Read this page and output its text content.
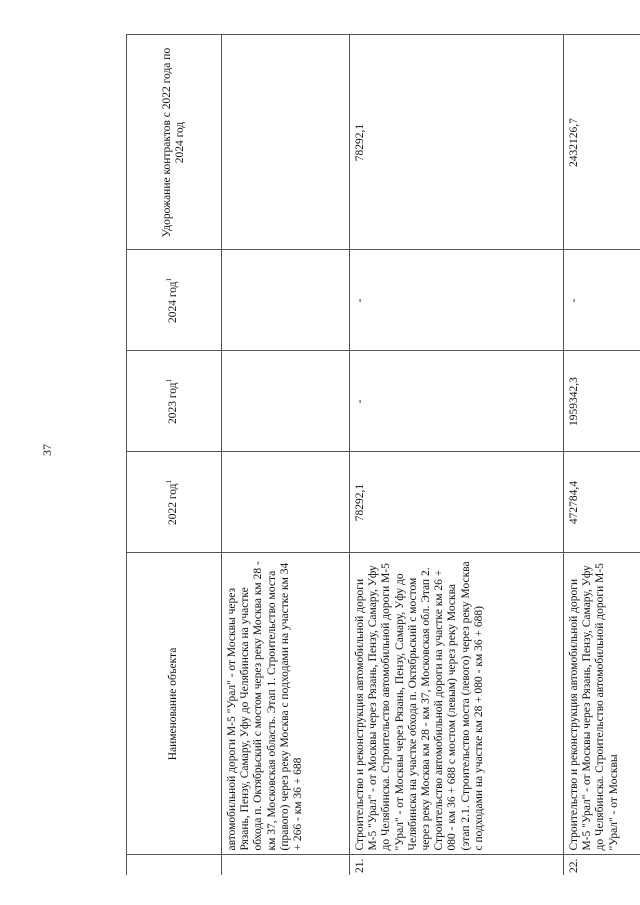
37
	Наименование объекта	2022 год$^1$	2023 год$^1$	2024 год$^1$	Удорожание контрактов с 2022 года по 2024 год
	автомобильной дороги М-5 "Урал" - от Москвы через Рязань, Пензу, Самару, Уфу до Челябинска на участке обхода п. Октябрьский с мостом через реку Москва км 28 - км 37, Московская область. Этап 1. Строительство моста (правого) через реку Москва с подходами на участке км 34 + 266 - км 36 + 688				
21.	Строительство и реконструкция автомобильной дороги М-5 "Урал" - от Москвы через Рязань, Пензу, Самару, Уфу до Челябинска. Строительство автомобильной дороги М-5 "Урал" - от Москвы через Рязань, Пензу, Самару, Уфу до Челябинска на участке обхода п. Октябрьский с мостом через реку Москва км 28 - км 37, Московская обл. Этап 2. Строительство автомобильной дороги на участке км 26 + 080 - км 36 + 688 с мостом (левым) через реку Москва (этап 2.1. Строительство моста (левого) через реку Москва с подходами на участке км 28 + 080 - км 36 + 688)	78292,1	-	-	78292,1
22.	Строительство и реконструкция автомобильной дороги М-5 "Урал" - от Москвы через Рязань, Пензу, Самару, Уфу до Челябинска. Строительство автомобильной дороги М-5 "Урал" - от Москвы	472784,4	1959342,3	-	2432126,7
